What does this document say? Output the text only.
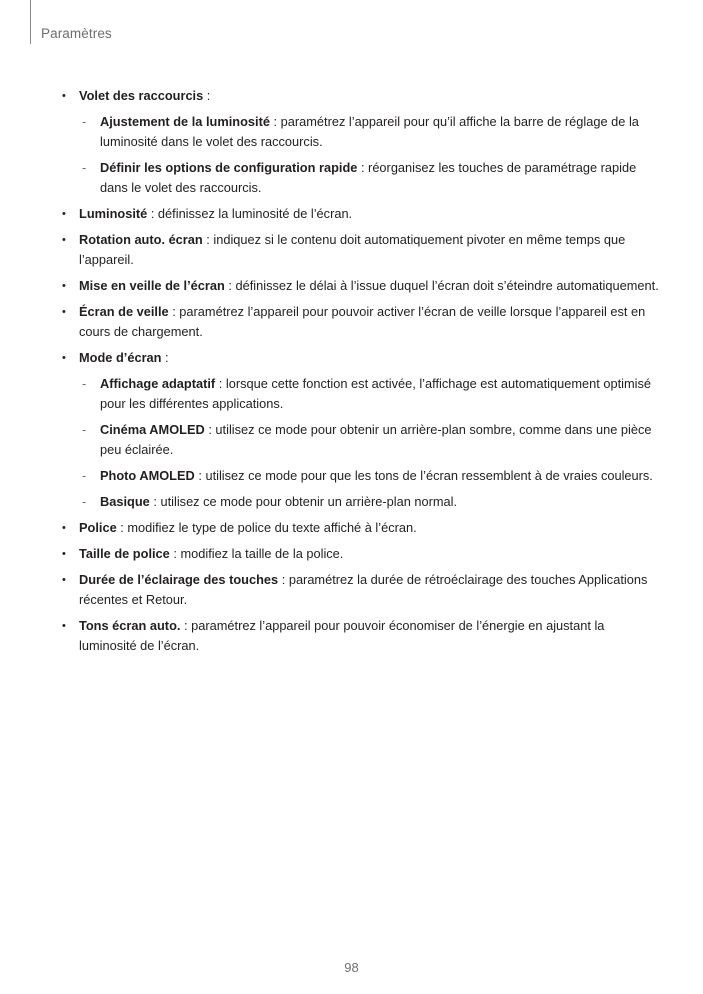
Paramètres
• Volet des raccourcis :
- Ajustement de la luminosité : paramétrez l’appareil pour qu’il affiche la barre de réglage de la luminosité dans le volet des raccourcis.
- Définir les options de configuration rapide : réorganisez les touches de paramétrage rapide dans le volet des raccourcis.
• Luminosité : définissez la luminosité de l’écran.
• Rotation auto. écran : indiquez si le contenu doit automatiquement pivoter en même temps que l’appareil.
• Mise en veille de l’écran : définissez le délai à l’issue duquel l’écran doit s’éteindre automatiquement.
• Écran de veille : paramétrez l’appareil pour pouvoir activer l’écran de veille lorsque l’appareil est en cours de chargement.
• Mode d’écran :
- Affichage adaptatif : lorsque cette fonction est activée, l’affichage est automatiquement optimisé pour les différentes applications.
- Cinéma AMOLED : utilisez ce mode pour obtenir un arrière-plan sombre, comme dans une pièce peu éclairée.
- Photo AMOLED : utilisez ce mode pour que les tons de l’écran ressemblent à de vraies couleurs.
- Basique : utilisez ce mode pour obtenir un arrière-plan normal.
• Police : modifiez le type de police du texte affiché à l’écran.
• Taille de police : modifiez la taille de la police.
• Durée de l’éclairage des touches : paramétrez la durée de rétroéclairage des touches Applications récentes et Retour.
• Tons écran auto. : paramétrez l’appareil pour pouvoir économiser de l’énergie en ajustant la luminosité de l’écran.
98
